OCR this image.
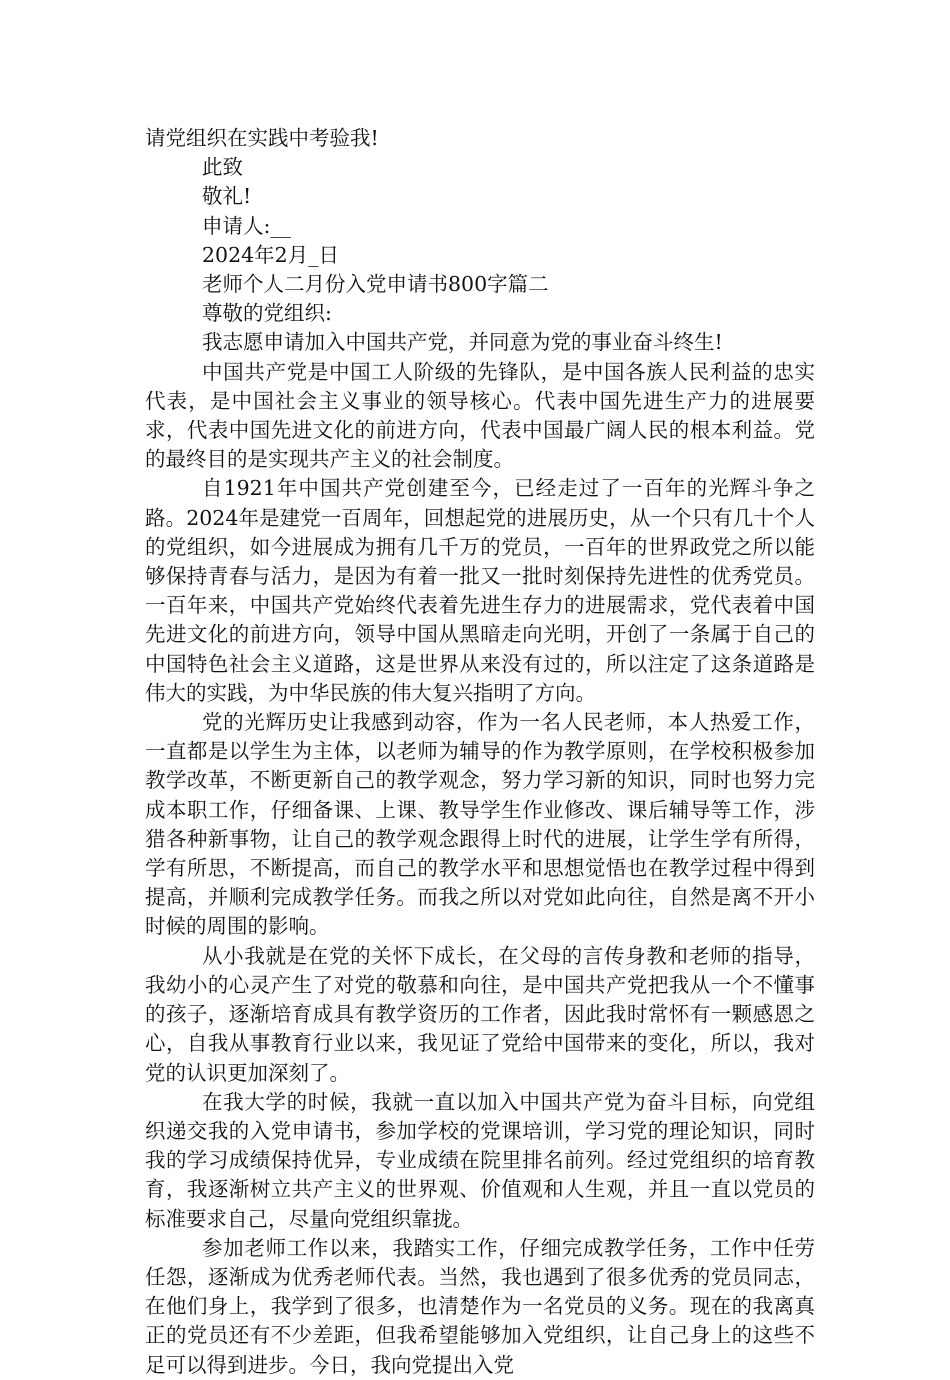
请党组织在实践中考验我!

此致

敬礼!

申请人:__

2024年2月_日

老师个人二月份入党申请书800字篇二

尊敬的党组织:

我志愿申请加入中国共产党，并同意为党的事业奋斗终生!

中国共产党是中国工人阶级的先锋队，是中国各族人民利益的忠实代表，是中国社会主义事业的领导核心。代表中国先进生产力的进展要求，代表中国先进文化的前进方向，代表中国最广阔人民的根本利益。党的最终目的是实现共产主义的社会制度。

自1921年中国共产党创建至今，已经走过了一百年的光辉斗争之路。2024年是建党一百周年，回想起党的进展历史，从一个只有几十个人的党组织，如今进展成为拥有几千万的党员，一百年的世界政党之所以能够保持青春与活力，是因为有着一批又一批时刻保持先进性的优秀党员。一百年来，中国共产党始终代表着先进生存力的进展需求，党代表着中国先进文化的前进方向，领导中国从黑暗走向光明，开创了一条属于自己的中国特色社会主义道路，这是世界从来没有过的，所以注定了这条道路是伟大的实践，为中华民族的伟大复兴指明了方向。

党的光辉历史让我感到动容，作为一名人民老师，本人热爱工作，一直都是以学生为主体，以老师为辅导的作为教学原则，在学校积极参加教学改革，不断更新自己的教学观念，努力学习新的知识，同时也努力完成本职工作，仔细备课、上课、教导学生作业修改、课后辅导等工作，涉猎各种新事物，让自己的教学观念跟得上时代的进展，让学生学有所得，学有所思，不断提高，而自己的教学水平和思想觉悟也在教学过程中得到提高，并顺利完成教学任务。而我之所以对党如此向往，自然是离不开小时候的周围的影响。

从小我就是在党的关怀下成长，在父母的言传身教和老师的指导，我幼小的心灵产生了对党的敬慕和向往，是中国共产党把我从一个不懂事的孩子，逐渐培育成具有教学资历的工作者，因此我时常怀有一颗感恩之心，自我从事教育行业以来，我见证了党给中国带来的变化，所以，我对党的认识更加深刻了。

在我大学的时候，我就一直以加入中国共产党为奋斗目标，向党组织递交我的入党申请书，参加学校的党课培训，学习党的理论知识，同时我的学习成绩保持优异，专业成绩在院里排名前列。经过党组织的培育教育，我逐渐树立共产主义的世界观、价值观和人生观，并且一直以党员的标准要求自己，尽量向党组织靠拢。

参加老师工作以来，我踏实工作，仔细完成教学任务，工作中任劳任怨，逐渐成为优秀老师代表。当然，我也遇到了很多优秀的党员同志，在他们身上，我学到了很多，也清楚作为一名党员的义务。现在的我离真正的党员还有不少差距，但我希望能够加入党组织，让自己身上的这些不足可以得到进步。今日，我向党提出入党
